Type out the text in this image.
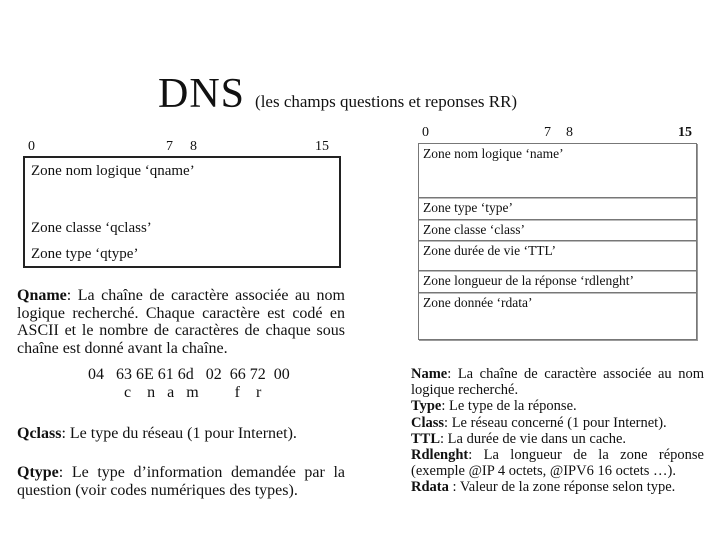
DNS (les champs questions et reponses RR)
0	7 8	15
Zone nom logique ‘qname’
Zone classe ‘qclass’
Zone type ‘qtype’
0	7 8	15
Zone nom logique ‘name’
Zone type ‘type’
Zone classe ‘class’
Zone durée de vie ‘TTL’
Zone longueur de la réponse ‘rdlenght’
Zone donnée ‘rdata’

Qname: La chaîne de caractère associée au nom logique recherché. Chaque caractère est codé en ASCII et le nombre de caractères de chaque sous chaîne est donné avant la chaîne.

04   63 6E 61 6d   02  66 72  00
c    n   a   m         f    r

Qclass: Le type du réseau (1 pour Internet).

Qtype: Le type d’information demandée par la question (voir codes numériques des types).

Name: La chaîne de caractère associée au nom logique recherché.

Type: Le type de la réponse.

Class: Le réseau concerné (1 pour Internet).

TTL: La durée de vie dans un cache.

Rdlenght: La longueur de la zone réponse (exemple @IP 4 octets, @IPV6 16 octets …).

Rdata : Valeur de la zone réponse selon type.
